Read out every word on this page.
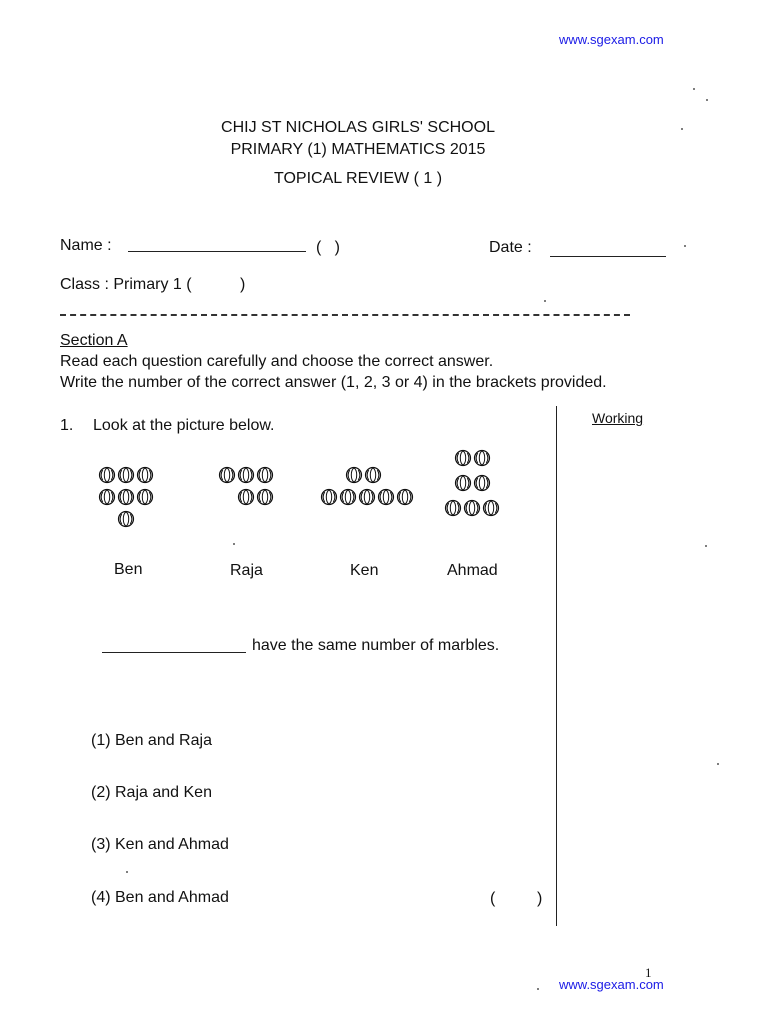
www.sgexam.com
CHIJ ST NICHOLAS GIRLS' SCHOOL
PRIMARY (1) MATHEMATICS 2015
TOPICAL REVIEW ( 1 )
Name :	(   )	Date :
Class : Primary 1 (	)
Section A
Read each question carefully and choose the correct answer.
Write the number of the correct answer (1, 2, 3 or 4) in the brackets provided.
Working
1. Look at the picture below.
Ben	Raja	Ken	Ahmad
have the same number of marbles.
(1) Ben and Raja
(2) Raja and Ken
(3) Ken and Ahmad
(4) Ben and Ahmad	(	)
1
www.sgexam.com
